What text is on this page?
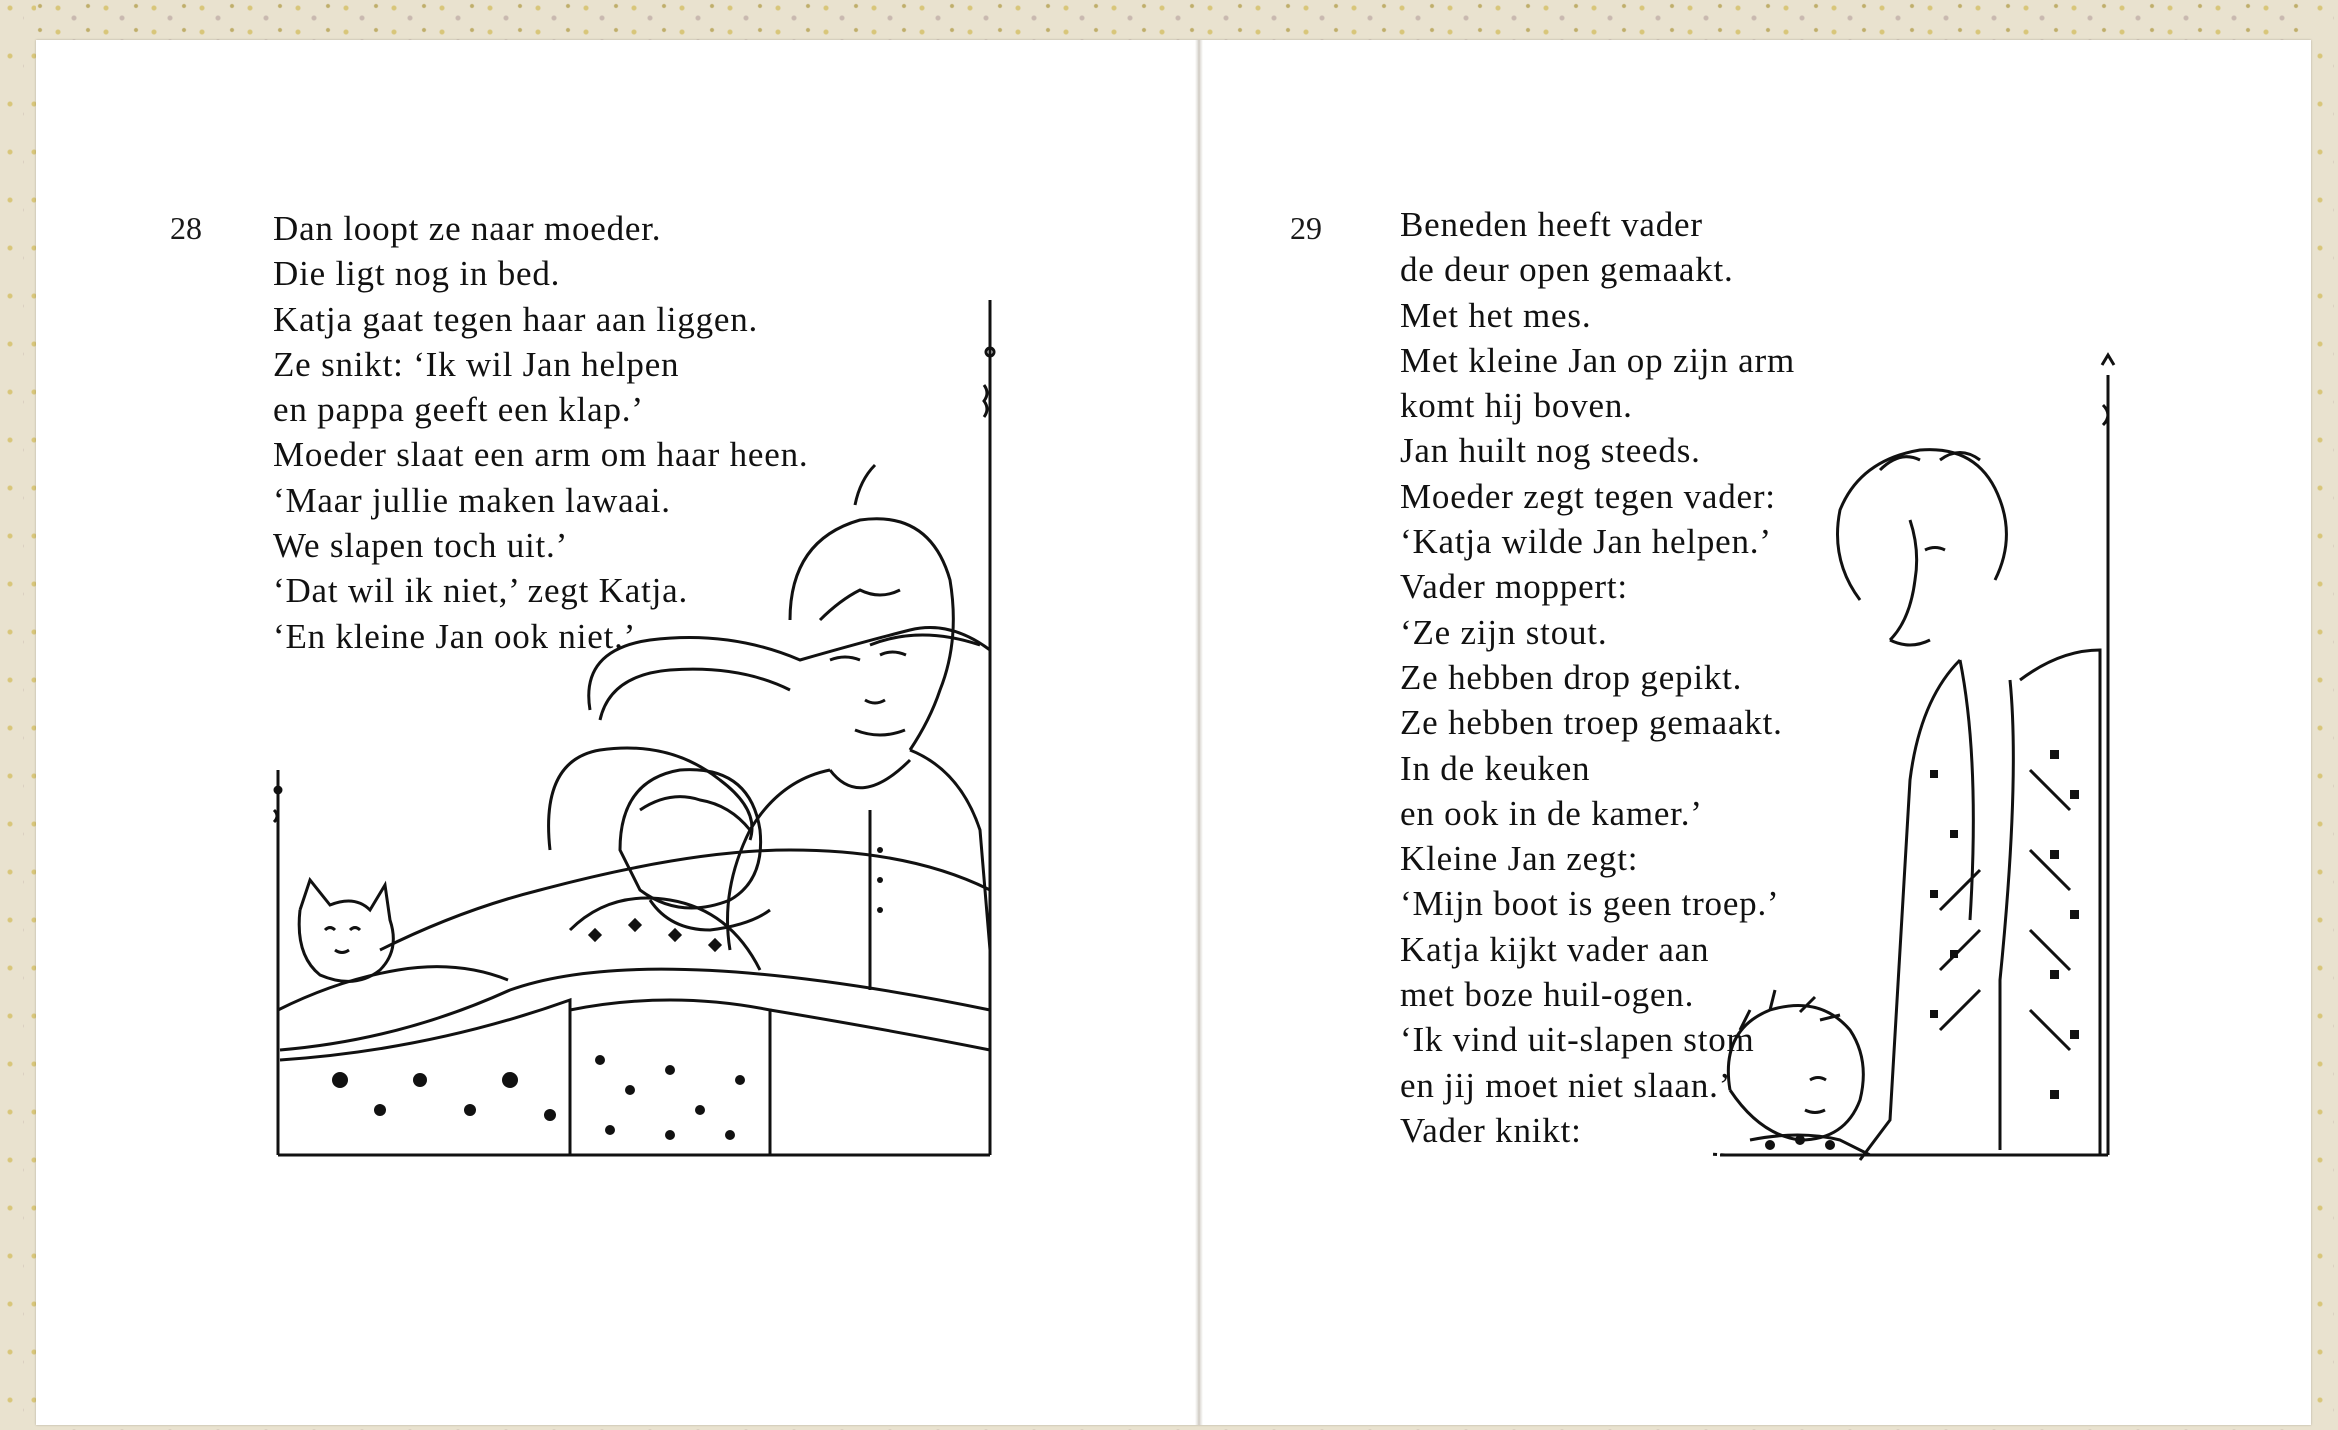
28 Dan loopt ze naar moeder.
Die ligt nog in bed.
Katja gaat tegen haar aan liggen.
Ze snikt: ‘Ik wil Jan helpen
en pappa geeft een klap.’
Moeder slaat een arm om haar heen.
‘Maar jullie maken lawaai.
We slapen toch uit.’
‘Dat wil ik niet,’ zegt Katja.
‘En kleine Jan ook niet.’
29 Beneden heeft vader
de deur open gemaakt.
Met het mes.
Met kleine Jan op zijn arm
komt hij boven.
Jan huilt nog steeds.
Moeder zegt tegen vader:
‘Katja wilde Jan helpen.’
Vader moppert:
‘Ze zijn stout.
Ze hebben drop gepikt.
Ze hebben troep gemaakt.
In de keuken
en ook in de kamer.’
Kleine Jan zegt:
‘Mijn boot is geen troep.’
Katja kijkt vader aan
met boze huil-ogen.
‘Ik vind uit-slapen stom
en jij moet niet slaan.’
Vader knikt:
